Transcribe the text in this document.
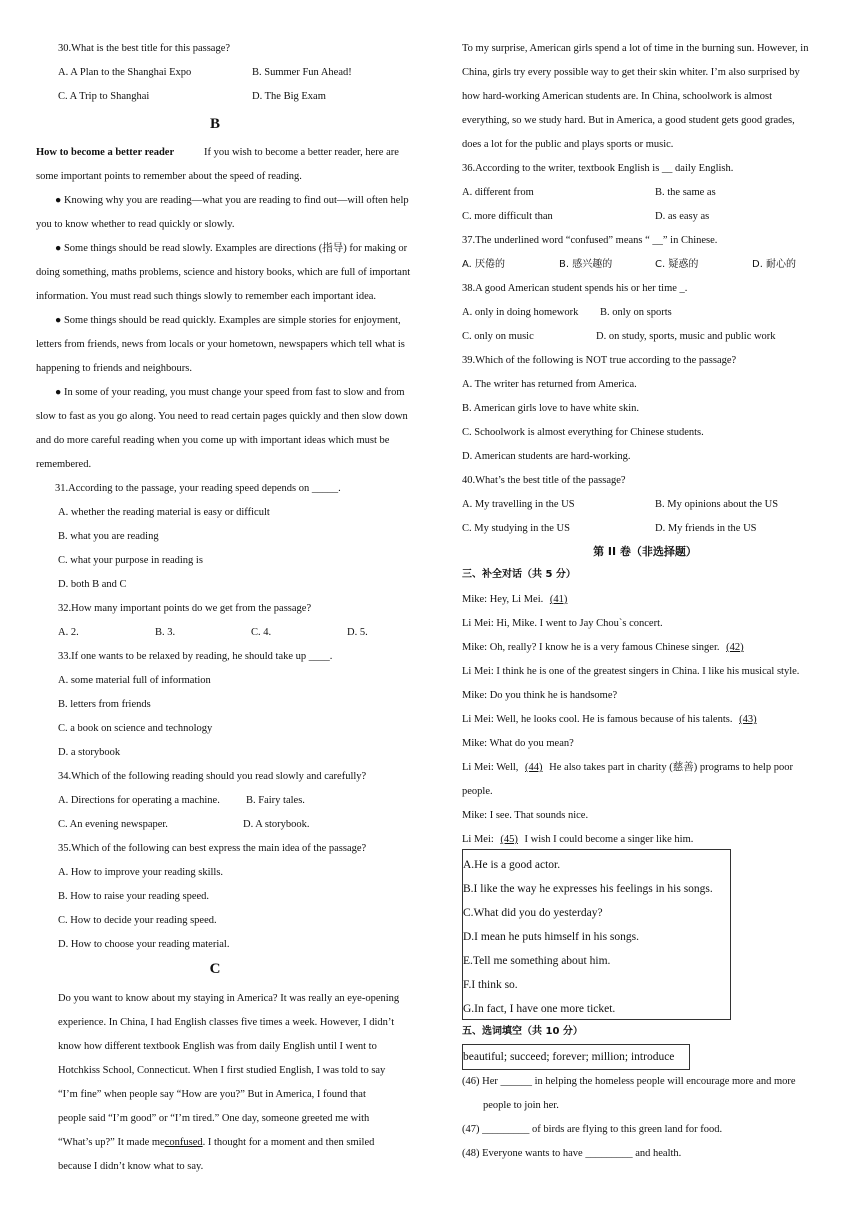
30.What is the best title for this passage?
A. A Plan to the Shanghai Expo	B. Summer Fun Ahead!
C. A Trip to Shanghai	D. The Big Exam
B
How to become a better reader	If you wish to become a better reader, here are
some important points to remember about the speed of reading.
● Knowing why you are reading—what you are reading to find out—will often help
you to know whether to read quickly or slowly.
● Some things should be read slowly. Examples are directions (指导) for making or
doing something, maths problems, science and history books, which are full of important
information. You must read such things slowly to remember each important idea.
● Some things should be read quickly. Examples are simple stories for enjoyment,
letters from friends, news from locals or your hometown, newspapers which tell what is
happening to friends and neighbours.
● In some of your reading, you must change your speed from fast to slow and from
slow to fast as you go along. You need to read certain pages quickly and then slow down
and do more careful reading when you come up with important ideas which must be
remembered.
31.According to the passage, your reading speed depends on _____.
A. whether the reading material is easy or difficult
B. what you are reading
C. what your purpose in reading is
D. both B and C
32.How many important points do we get from the passage?
A. 2.	B. 3.	C. 4.	D. 5.
33.If one wants to be relaxed by reading, he should take up ____.
A. some material full of information
B. letters from friends
C. a book on science and technology
D. a storybook
34.Which of the following reading should you read slowly and carefully?
A. Directions for operating a machine. B. Fairy tales.
C. An evening newspaper.	D. A storybook.
35.Which of the following can best express the main idea of the passage?
A. How to improve your reading skills.
B. How to raise your reading speed.
C. How to decide your reading speed.
D. How to choose your reading material.
C
Do you want to know about my staying in America? It was really an eye-opening
experience. In China, I had English classes five times a week. However, I didn’t
know how different textbook English was from daily English until I went to
Hotchkiss School, Connecticut. When I first studied English, I was told to say
“I’m fine” when people say “How are you?” But in America, I found that
people said “I’m good” or “I’m tired.” One day, someone greeted me with
“What’s up?” It made meconfused. I thought for a moment and then smiled
because I didn’t know what to say.
To my surprise, American girls spend a lot of time in the burning sun. However, in
China, girls try every possible way to get their skin whiter. I’m also surprised by
how hard-working American students are. In China, schoolwork is almost
everything, so we study hard. But in America, a good student gets good grades,
does a lot for the public and plays sports or music.
36.According to the writer, textbook English is __ daily English.
A. different from	B. the same as
C. more difficult than	D. as easy as
37.The underlined word “confused” means “ __” in Chinese.
A. 厌倦的	B. 感兴趣的	C. 疑惑的	D. 耐心的
38.A good American student spends his or her time _.
A. only in doing homework B. only on sports
C. only on music	D. on study, sports, music and public work
39.Which of the following is NOT true according to the passage?
A. The writer has returned from America.
B. American girls love to have white skin.
C. Schoolwork is almost everything for Chinese students.
D. American students are hard-working.
40.What’s the best title of the passage?
A. My travelling in the US	B. My opinions about the US
C. My studying in the US	D. My friends in the US
第 II 卷（非选择题）
三、补全对话（共 5 分）
Mike: Hey, Li Mei. (41)
Li Mei: Hi, Mike. I went to Jay Chou`s concert.
Mike: Oh, really? I know he is a very famous Chinese singer. (42)
Li Mei: I think he is one of the greatest singers in China. I like his musical style.
Mike: Do you think he is handsome?
Li Mei: Well, he looks cool. He is famous because of his talents. (43)
Mike: What do you mean?
Li Mei: Well, (44) He also takes part in charity (慈善) programs to help poor
people.
Mike: I see. That sounds nice.
Li Mei: (45) I wish I could become a singer like him.
A.He is a good actor.
B.I like the way he expresses his feelings in his songs.
C.What did you do yesterday?
D.I mean he puts himself in his songs.
E.Tell me something about him.
F.I think so.
G.In fact, I have one more ticket.
五、选词填空（共 10 分）
beautiful; succeed; forever; million; introduce
(46) Her ______ in helping the homeless people will encourage more and more
people to join her.
(47) _________ of birds are flying to this green land for food.
(48) Everyone wants to have _________ and health.
